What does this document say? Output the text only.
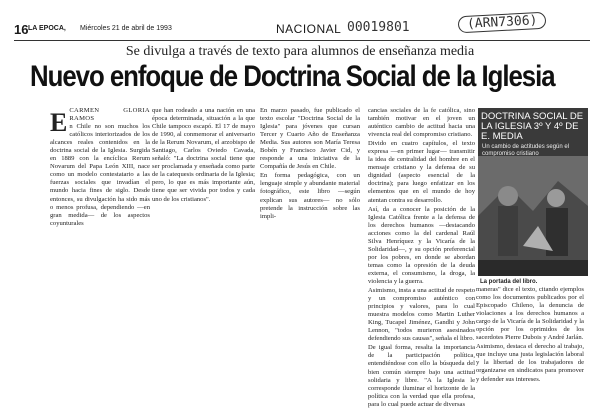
16 LA EPOCA, Miércoles 21 de abril de 1993	NACIONAL 00019801	(ARN7306)
Se divulga a través de texto para alumnos de enseñanza media
Nuevo enfoque de Doctrina Social de la Iglesia
E CARMEN GLORIA RAMOS
n Chile no son muchos los católicos interiorizados de los alcances reales contenidos en la doctrina social de la Iglesia. Surgida en 1889 con la encíclica Rerum Novarum del Papa León XIII, nace como un modelo contestatario a las fuerzas sociales que invadían el mundo hacia fines de siglo. Desde entonces, su divulgación ha sido más o menos profusa, dependiendo —en gran medida— de los aspectos coyunturales

que han rodeado a una nación en una época determinada, situación a la que Chile tampoco escapó. El 17 de mayo de 1990, al conmemorar el aniversario de la Rerum Novarum, el arzobispo de Santiago, Carlos Oviedo Cavada, señaló: "La doctrina social tiene que ser proclamada y enseñada como parte de la catequesis ordinaria de la Iglesia; pero, lo que es más importante aún, tiene que ser vivida por todos y cada uno de los cristianos".

En marzo pasado, fue publicado el texto escolar "Doctrina Social de la Iglesia" para jóvenes que cursan Tercer y Cuarto Año de Enseñanza Media. Sus autores son María Teresa Bobén y Francisco Javier Cid, y responde a una iniciativa de la Compañía de Jesús en Chile.

En forma pedagógica, con un lenguaje simple y abundante material fotográfico, este libro —según explican sus autores— no sólo pretende la instrucción sobre las impli-

cancias sociales de la fe católica, sino también motivar en el joven un auténtico cambio de actitud hacia una vivencia real del compromiso cristiano.

Divido en cuatro capítulos, el texto expresa —en primer lugar— transmitir la idea de centralidad del hombre en el mensaje cristiano y la defensa de su dignidad (aspecto esencial de la doctrina); para luego enfatizar en los elementos que en el mundo de hoy atentan contra su desarrollo.

Así, da a conocer la posición de la Iglesia Católica frente a la defensa de los derechos humanos —destacando acciones como la del cardenal Raúl Silva Henríquez y la Vicaría de la Solidaridad—, y su opción preferencial por los pobres, en donde se abordan temas como la opresión de la deuda externa, el consumismo, la droga, la violencia y la guerra.

Asimismo, insta a una actitud de respeto y un compromiso auténtico con principios y valores, para lo cual muestra modelos como Martin Luther King, Tucapel Jiménez, Gandhi y John Lennon, "todos murieron asesinados defendiendo sus causas", señala el libro.

De igual forma, resalta la importancia de la participación política, entendiéndose con ello la búsqueda del bien común siempre bajo una actitud solidaria y libre. "A la Iglesia le corresponde iluminar el horizonte de la política con la verdad que ella profesa, para lo cual puede actuar de diversas

DOCTRINA SOCIAL DE LA IGLESIA 3º Y 4º DE E. MEDIA
Un cambio de actitudes según el compromiso cristiano
La portada del libro.

maneras" dice el texto, citando ejemplos como los documentos publicados por el Episcopado Chileno, la denuncia de violaciones a los derechos humanos a cargo de la Vicaría de la Solidaridad y la opción por los oprimidos de los sacerdotes Pierre Dubois y André Jarlán.

Asimismo, destaca el derecho al trabajo, que incluye una justa legislación laboral y la libertad de los trabajadores de organizarse en sindicatos para promover y defender sus intereses.
